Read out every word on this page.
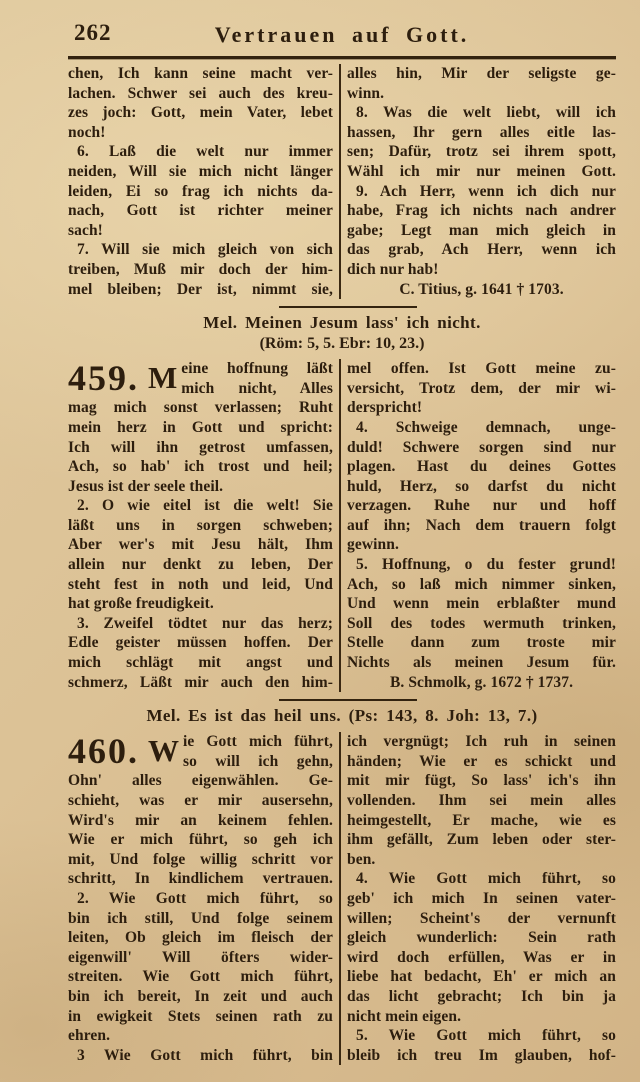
262	Vertrauen auf Gott.
chen, Ich kann seine macht ver-
lachen. Schwer sei auch des kreu-
zes joch: Gott, mein Vater, lebet
noch!
6. Laß die welt nur immer
neiden, Will sie mich nicht länger
leiden, Ei so frag ich nichts da-
nach, Gott ist richter meiner
sach!
7. Will sie mich gleich von sich
treiben, Muß mir doch der him-
mel bleiben; Der ist, nimmt sie,
alles hin, Mir der seligste ge-
winn.
8. Was die welt liebt, will ich
hassen, Ihr gern alles eitle las-
sen; Dafür, trotz sei ihrem spott,
Wähl ich mir nur meinen Gott.
9. Ach Herr, wenn ich dich nur
habe, Frag ich nichts nach andrer
gabe; Legt man mich gleich in
das grab, Ach Herr, wenn ich
dich nur hab!
C. Titius, g. 1641 † 1703.
Mel. Meinen Jesum lass' ich nicht.
(Röm: 5, 5. Ebr: 10, 23.)
459. M eine hoffnung läßt
mich nicht, Alles
mag mich sonst verlassen; Ruht
mein herz in Gott und spricht:
Ich will ihn getrost umfassen,
Ach, so hab' ich trost und heil;
Jesus ist der seele theil.
2. O wie eitel ist die welt! Sie
läßt uns in sorgen schweben;
Aber wer's mit Jesu hält, Ihm
allein nur denkt zu leben, Der
steht fest in noth und leid, Und
hat große freudigkeit.
3. Zweifel tödtet nur das herz;
Edle geister müssen hoffen. Der
mich schlägt mit angst und
schmerz, Läßt mir auch den him-
mel offen. Ist Gott meine zu-
versicht, Trotz dem, der mir wi-
derspricht!
4. Schweige demnach, unge-
duld! Schwere sorgen sind nur
plagen. Hast du deines Gottes
huld, Herz, so darfst du nicht
verzagen. Ruhe nur und hoff
auf ihn; Nach dem trauern folgt
gewinn.
5. Hoffnung, o du fester grund!
Ach, so laß mich nimmer sinken,
Und wenn mein erblaßter mund
Soll des todes wermuth trinken,
Stelle dann zum troste mir
Nichts als meinen Jesum für.
B. Schmolk, g. 1672 † 1737.
Mel. Es ist das heil uns. (Ps: 143, 8. Joh: 13, 7.)
460. W ie Gott mich führt,
so will ich gehn,
Ohn' alles eigenwählen. Ge-
schieht, was er mir ausersehn,
Wird's mir an keinem fehlen.
Wie er mich führt, so geh ich
mit, Und folge willig schritt vor
schritt, In kindlichem vertrauen.
2. Wie Gott mich führt, so
bin ich still, Und folge seinem
leiten, Ob gleich im fleisch der
eigenwill' Will öfters wider-
streiten. Wie Gott mich führt,
bin ich bereit, In zeit und auch
in ewigkeit Stets seinen rath zu
ehren.
3 Wie Gott mich führt, bin
ich vergnügt; Ich ruh in seinen
händen; Wie er es schickt und
mit mir fügt, So lass' ich's ihn
vollenden. Ihm sei mein alles
heimgestellt, Er mache, wie es
ihm gefällt, Zum leben oder ster-
ben.
4. Wie Gott mich führt, so
geb' ich mich In seinen vater-
willen; Scheint's der vernunft
gleich wunderlich: Sein rath
wird doch erfüllen, Was er in
liebe hat bedacht, Eh' er mich an
das licht gebracht; Ich bin ja
nicht mein eigen.
5. Wie Gott mich führt, so
bleib ich treu Im glauben, hof-
